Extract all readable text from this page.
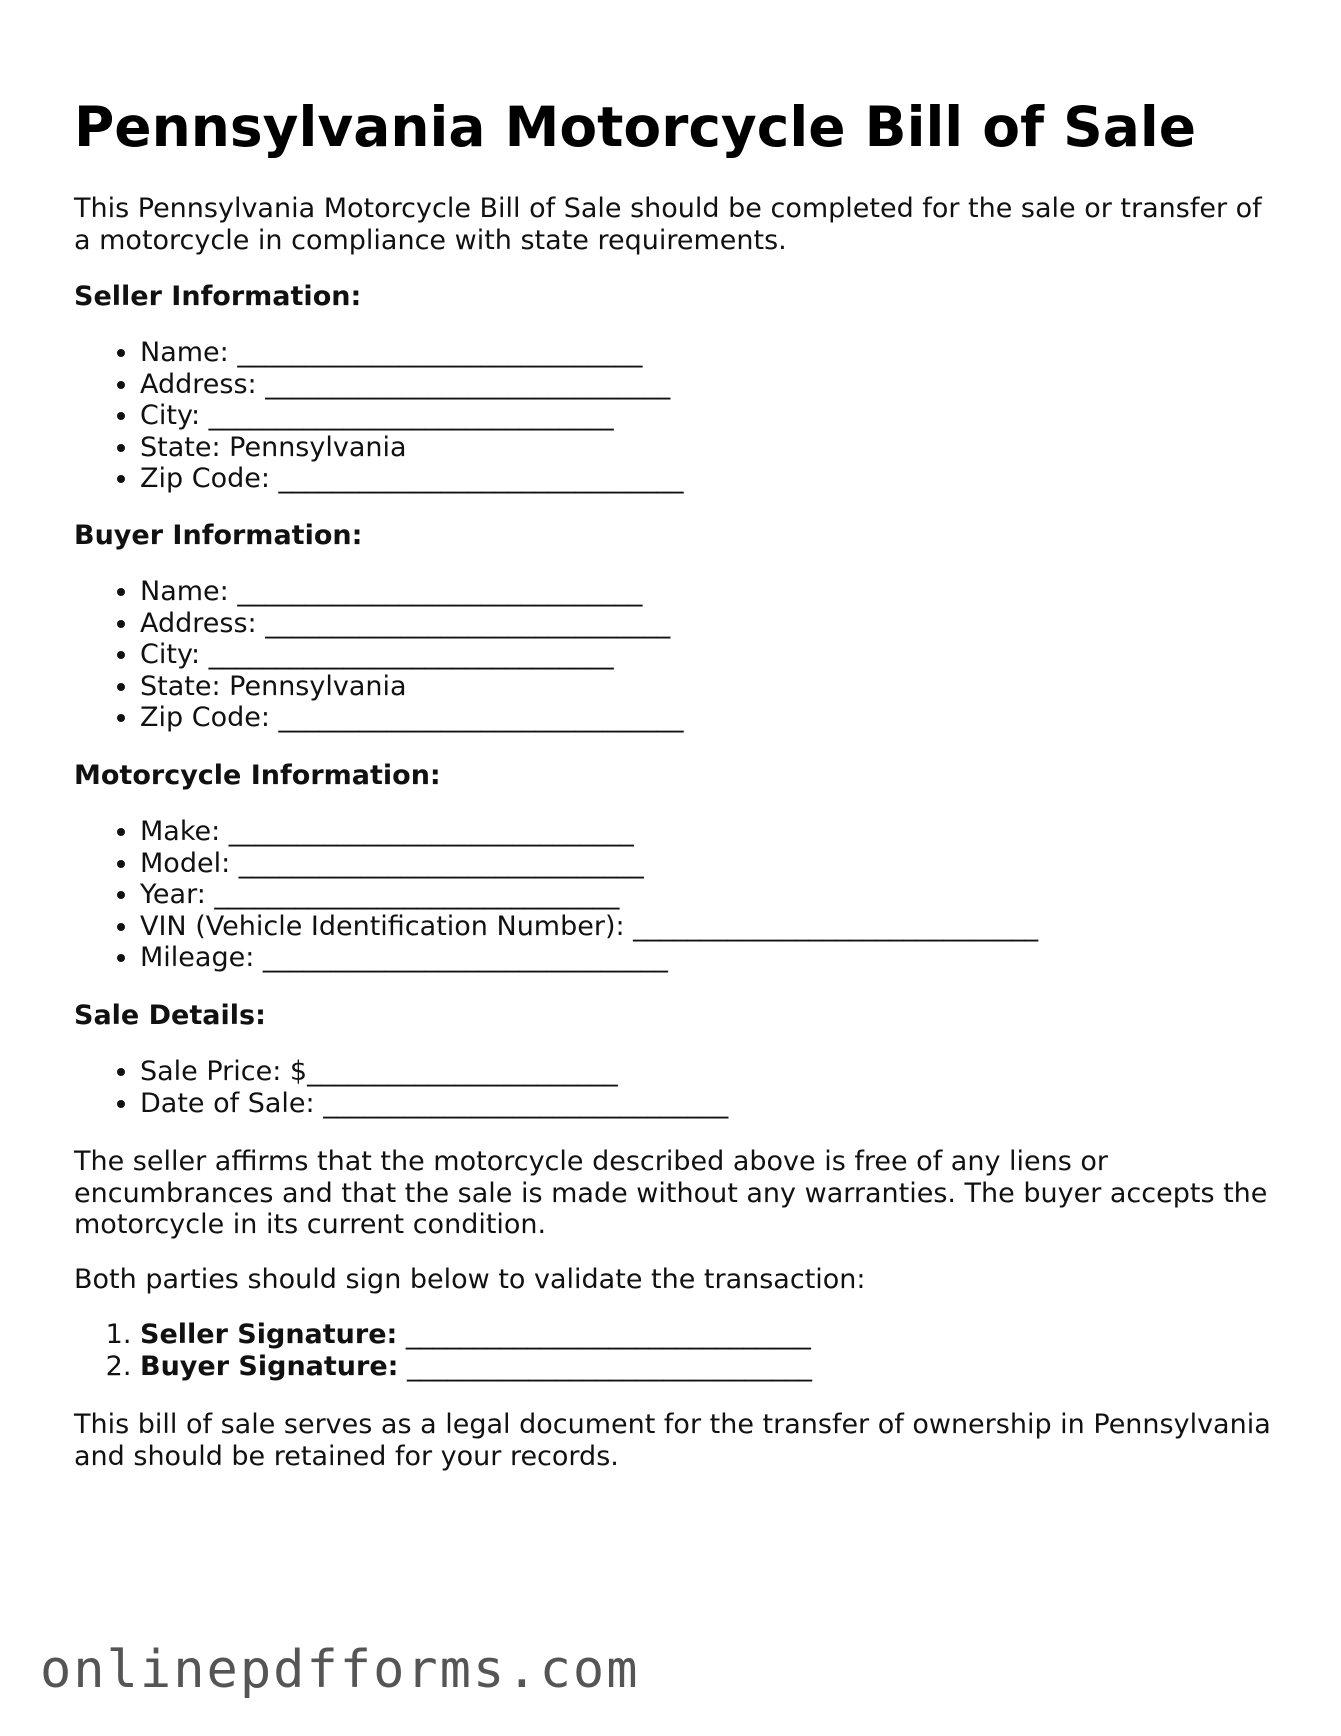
Pennsylvania Motorcycle Bill of Sale

This Pennsylvania Motorcycle Bill of Sale should be completed for the sale or transfer of a motorcycle in compliance with state requirements.

Seller Information:
• Name: ______________________________
• Address: ______________________________
• City: ______________________________
• State: Pennsylvania
• Zip Code: ______________________________
Buyer Information:
• Name: ______________________________
• Address: ______________________________
• City: ______________________________
• State: Pennsylvania
• Zip Code: ______________________________
Motorcycle Information:
• Make: ______________________________
• Model: ______________________________
• Year: ______________________________
• VIN (Vehicle Identification Number): ______________________________
• Mileage: ______________________________
Sale Details:
• Sale Price: $_______________________
• Date of Sale: ______________________________

The seller affirms that the motorcycle described above is free of any liens or encumbrances and that the sale is made without any warranties. The buyer accepts the motorcycle in its current condition.

Both parties should sign below to validate the transaction:

1. Seller Signature: ______________________________
2. Buyer Signature: ______________________________

This bill of sale serves as a legal document for the transfer of ownership in Pennsylvania and should be retained for your records.

onlinepdfforms.com
